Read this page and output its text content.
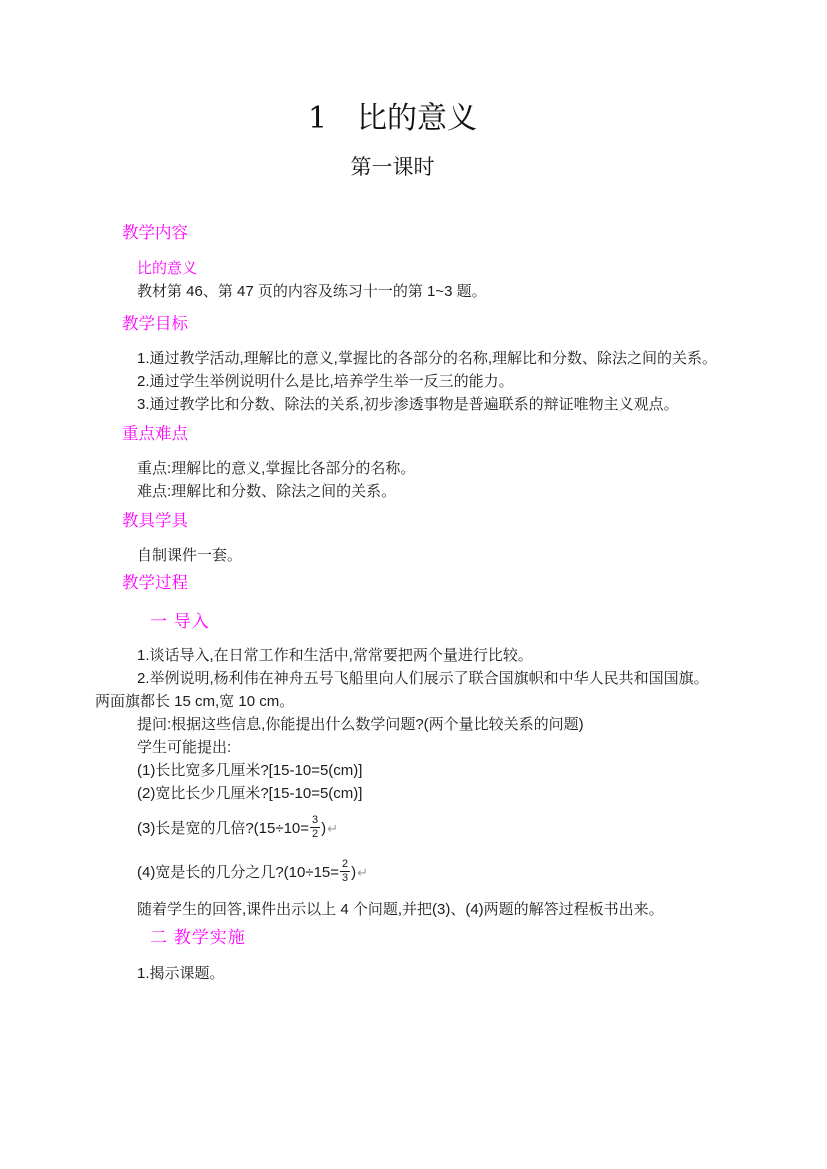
1　比的意义
第一课时
教学内容
比的意义
教材第 46、第 47 页的内容及练习十一的第 1~3 题。
教学目标
1.通过教学活动,理解比的意义,掌握比的各部分的名称,理解比和分数、除法之间的关系。
2.通过学生举例说明什么是比,培养学生举一反三的能力。
3.通过教学比和分数、除法的关系,初步渗透事物是普遍联系的辩证唯物主义观点。
重点难点
重点:理解比的意义,掌握比各部分的名称。
难点:理解比和分数、除法之间的关系。
教具学具
自制课件一套。
教学过程
一 导入
1.谈话导入,在日常工作和生活中,常常要把两个量进行比较。
2.举例说明,杨利伟在神舟五号飞船里向人们展示了联合国旗帜和中华人民共和国国旗。
两面旗都长 15 cm,宽 10 cm。
提问:根据这些信息,你能提出什么数学问题?(两个量比较关系的问题)
学生可能提出:
(1)长比宽多几厘米?[15-10=5(cm)]
(2)宽比长少几厘米?[15-10=5(cm)]
(3)长是宽的几倍?(15÷10= $\frac{3}{2}$ ) ↵
(4)宽是长的几分之几?(10÷15= $\frac{2}{3}$ ) ↵
随着学生的回答,课件出示以上 4 个问题,并把(3)、(4)两题的解答过程板书出来。
二 教学实施
1.揭示课题。
